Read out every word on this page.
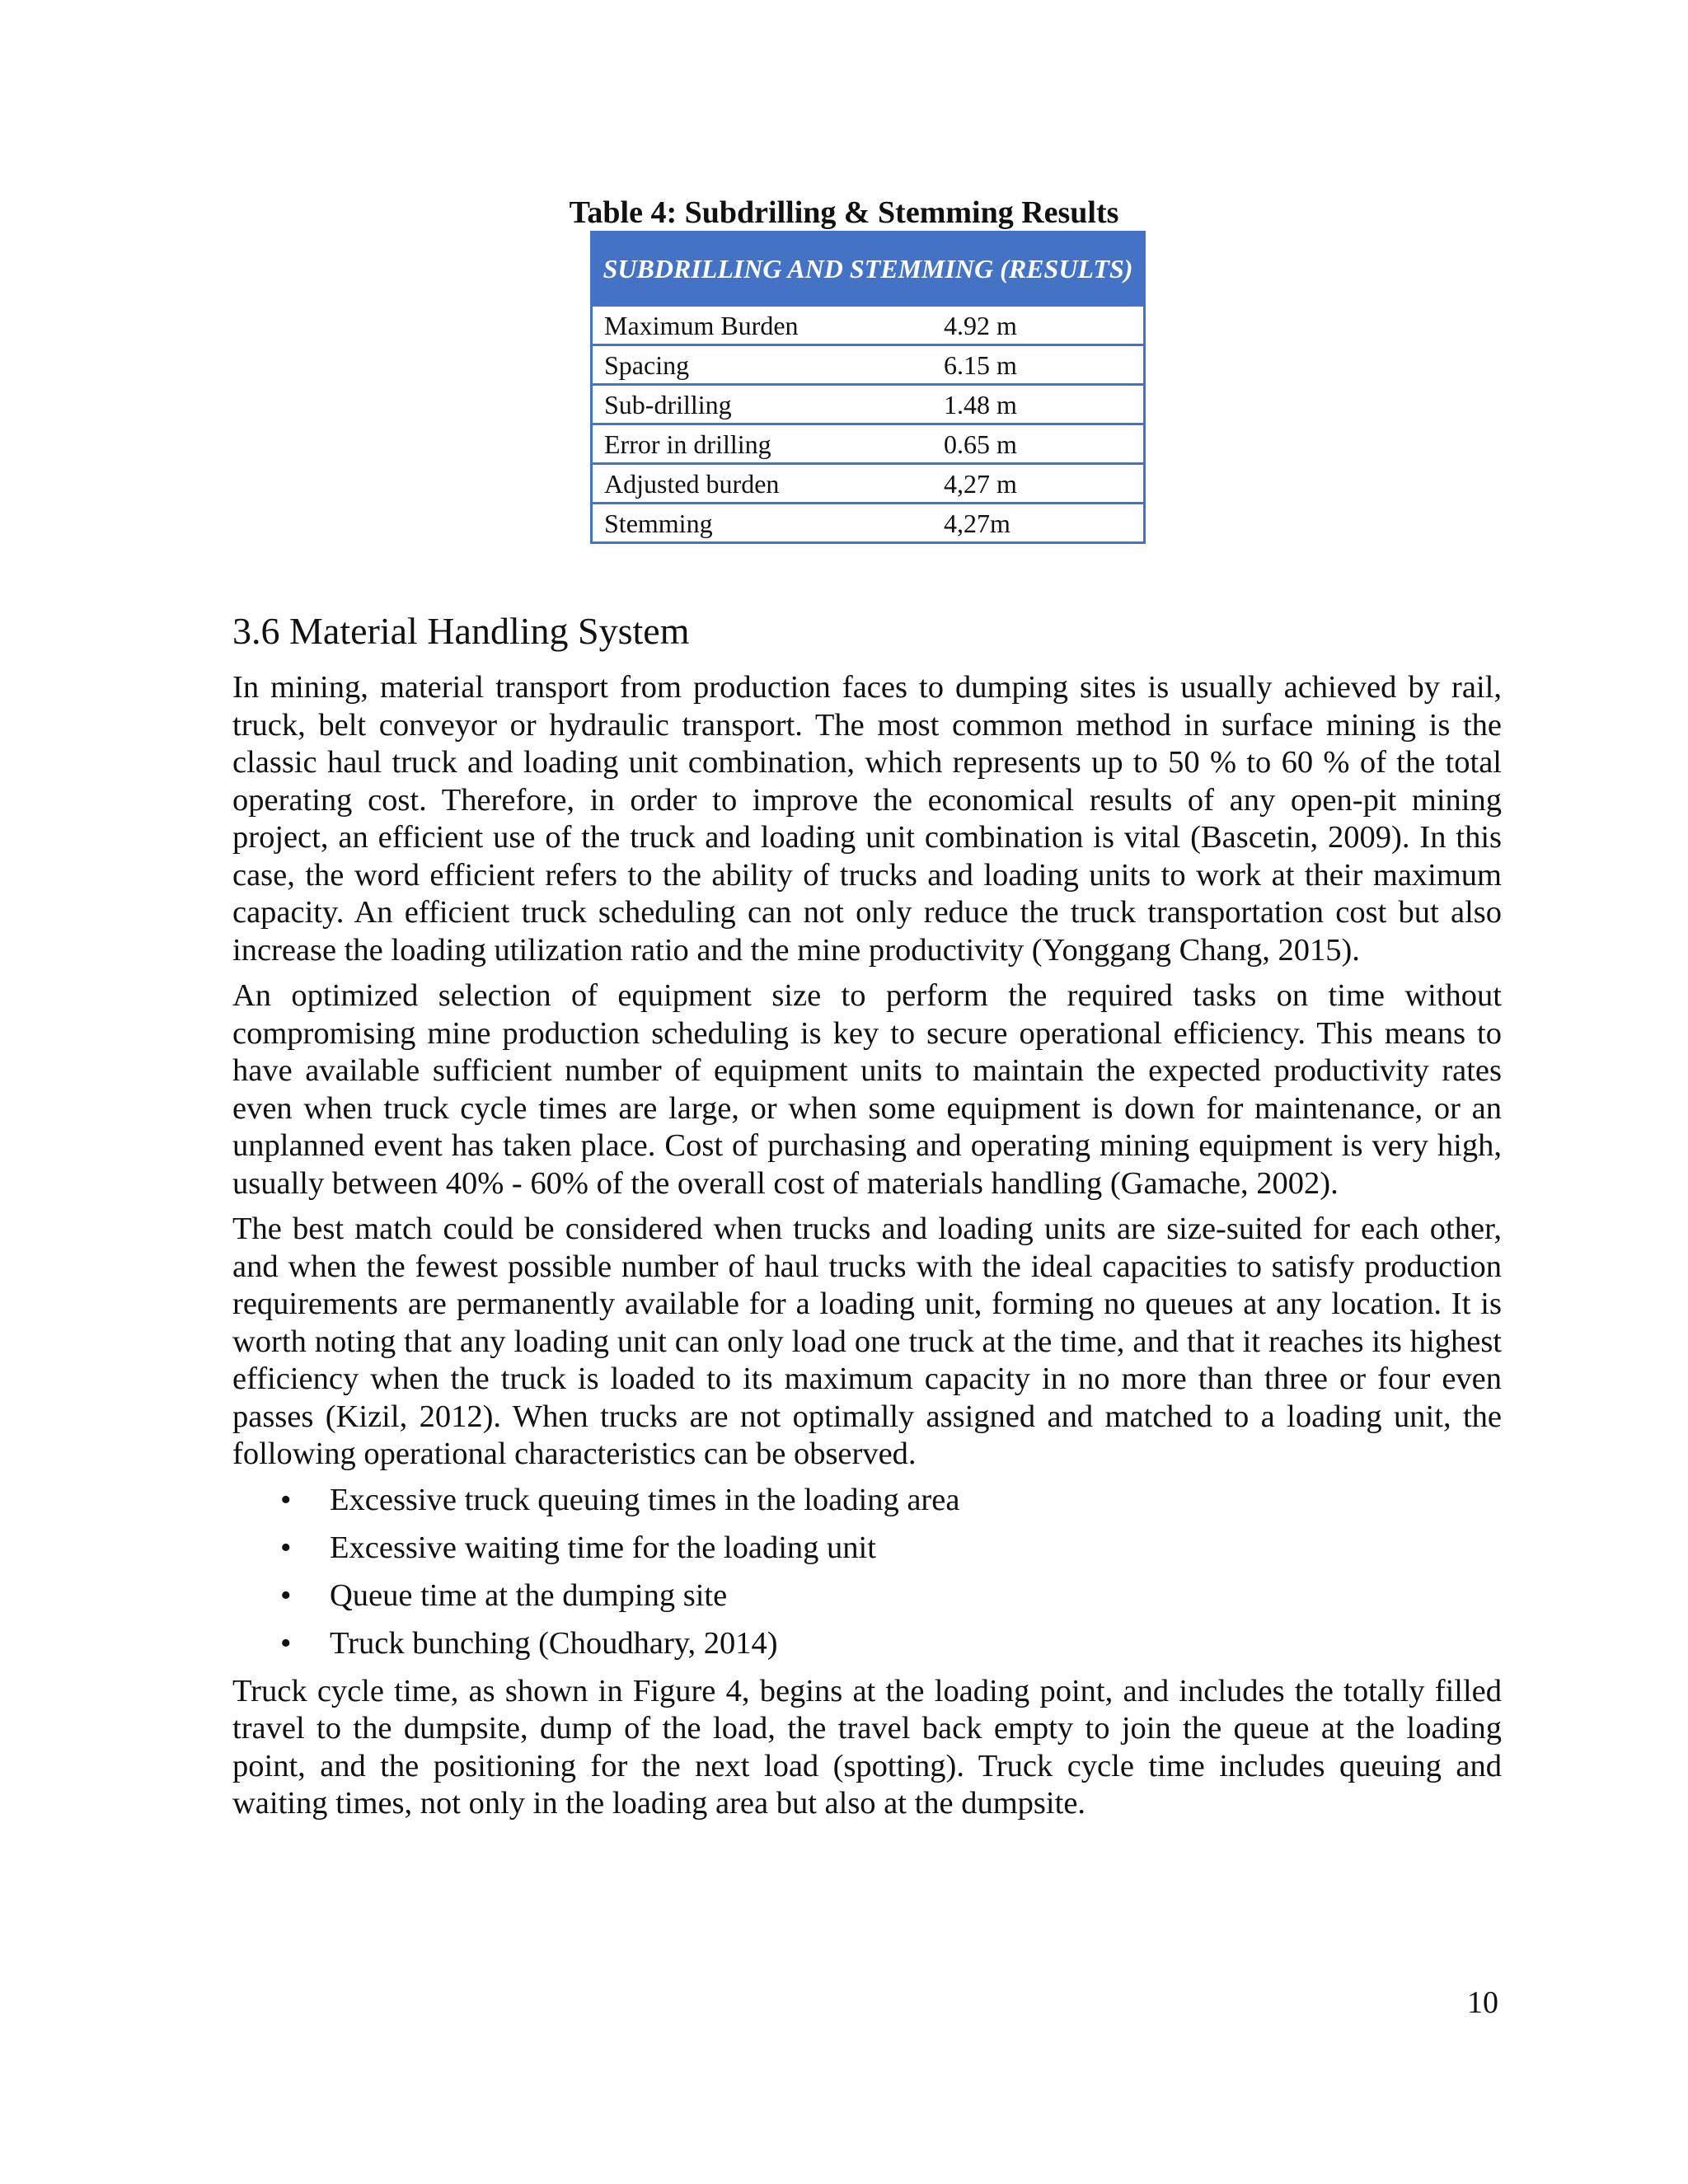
Table 4: Subdrilling & Stemming Results
SUBDRILLING AND STEMMING (RESULTS)	
Maximum Burden	4.92 m
Spacing	6.15 m
Sub-drilling	1.48 m
Error in drilling	0.65 m
Adjusted burden	4,27 m
Stemming	4,27m
3.6 Material Handling System

In mining, material transport from production faces to dumping sites is usually achieved by rail, truck, belt conveyor or hydraulic transport. The most common method in surface mining is the classic haul truck and loading unit combination, which represents up to 50 % to 60 % of the total operating cost. Therefore, in order to improve the economical results of any open-pit mining project, an efficient use of the truck and loading unit combination is vital (Bascetin, 2009). In this case, the word efficient refers to the ability of trucks and loading units to work at their maximum capacity. An efficient truck scheduling can not only reduce the truck transportation cost but also increase the loading utilization ratio and the mine productivity (Yonggang Chang, 2015).

An optimized selection of equipment size to perform the required tasks on time without compromising mine production scheduling is key to secure operational efficiency. This means to have available sufficient number of equipment units to maintain the expected productivity rates even when truck cycle times are large, or when some equipment is down for maintenance, or an unplanned event has taken place. Cost of purchasing and operating mining equipment is very high, usually between 40% - 60% of the overall cost of materials handling (Gamache, 2002).

The best match could be considered when trucks and loading units are size-suited for each other, and when the fewest possible number of haul trucks with the ideal capacities to satisfy production requirements are permanently available for a loading unit, forming no queues at any location. It is worth noting that any loading unit can only load one truck at the time, and that it reaches its highest efficiency when the truck is loaded to its maximum capacity in no more than three or four even passes (Kizil, 2012). When trucks are not optimally assigned and matched to a loading unit, the following operational characteristics can be observed.

• Excessive truck queuing times in the loading area
• Excessive waiting time for the loading unit
• Queue time at the dumping site
• Truck bunching (Choudhary, 2014)

Truck cycle time, as shown in Figure 4, begins at the loading point, and includes the totally filled travel to the dumpsite, dump of the load, the travel back empty to join the queue at the loading point, and the positioning for the next load (spotting). Truck cycle time includes queuing and waiting times, not only in the loading area but also at the dumpsite.

10
